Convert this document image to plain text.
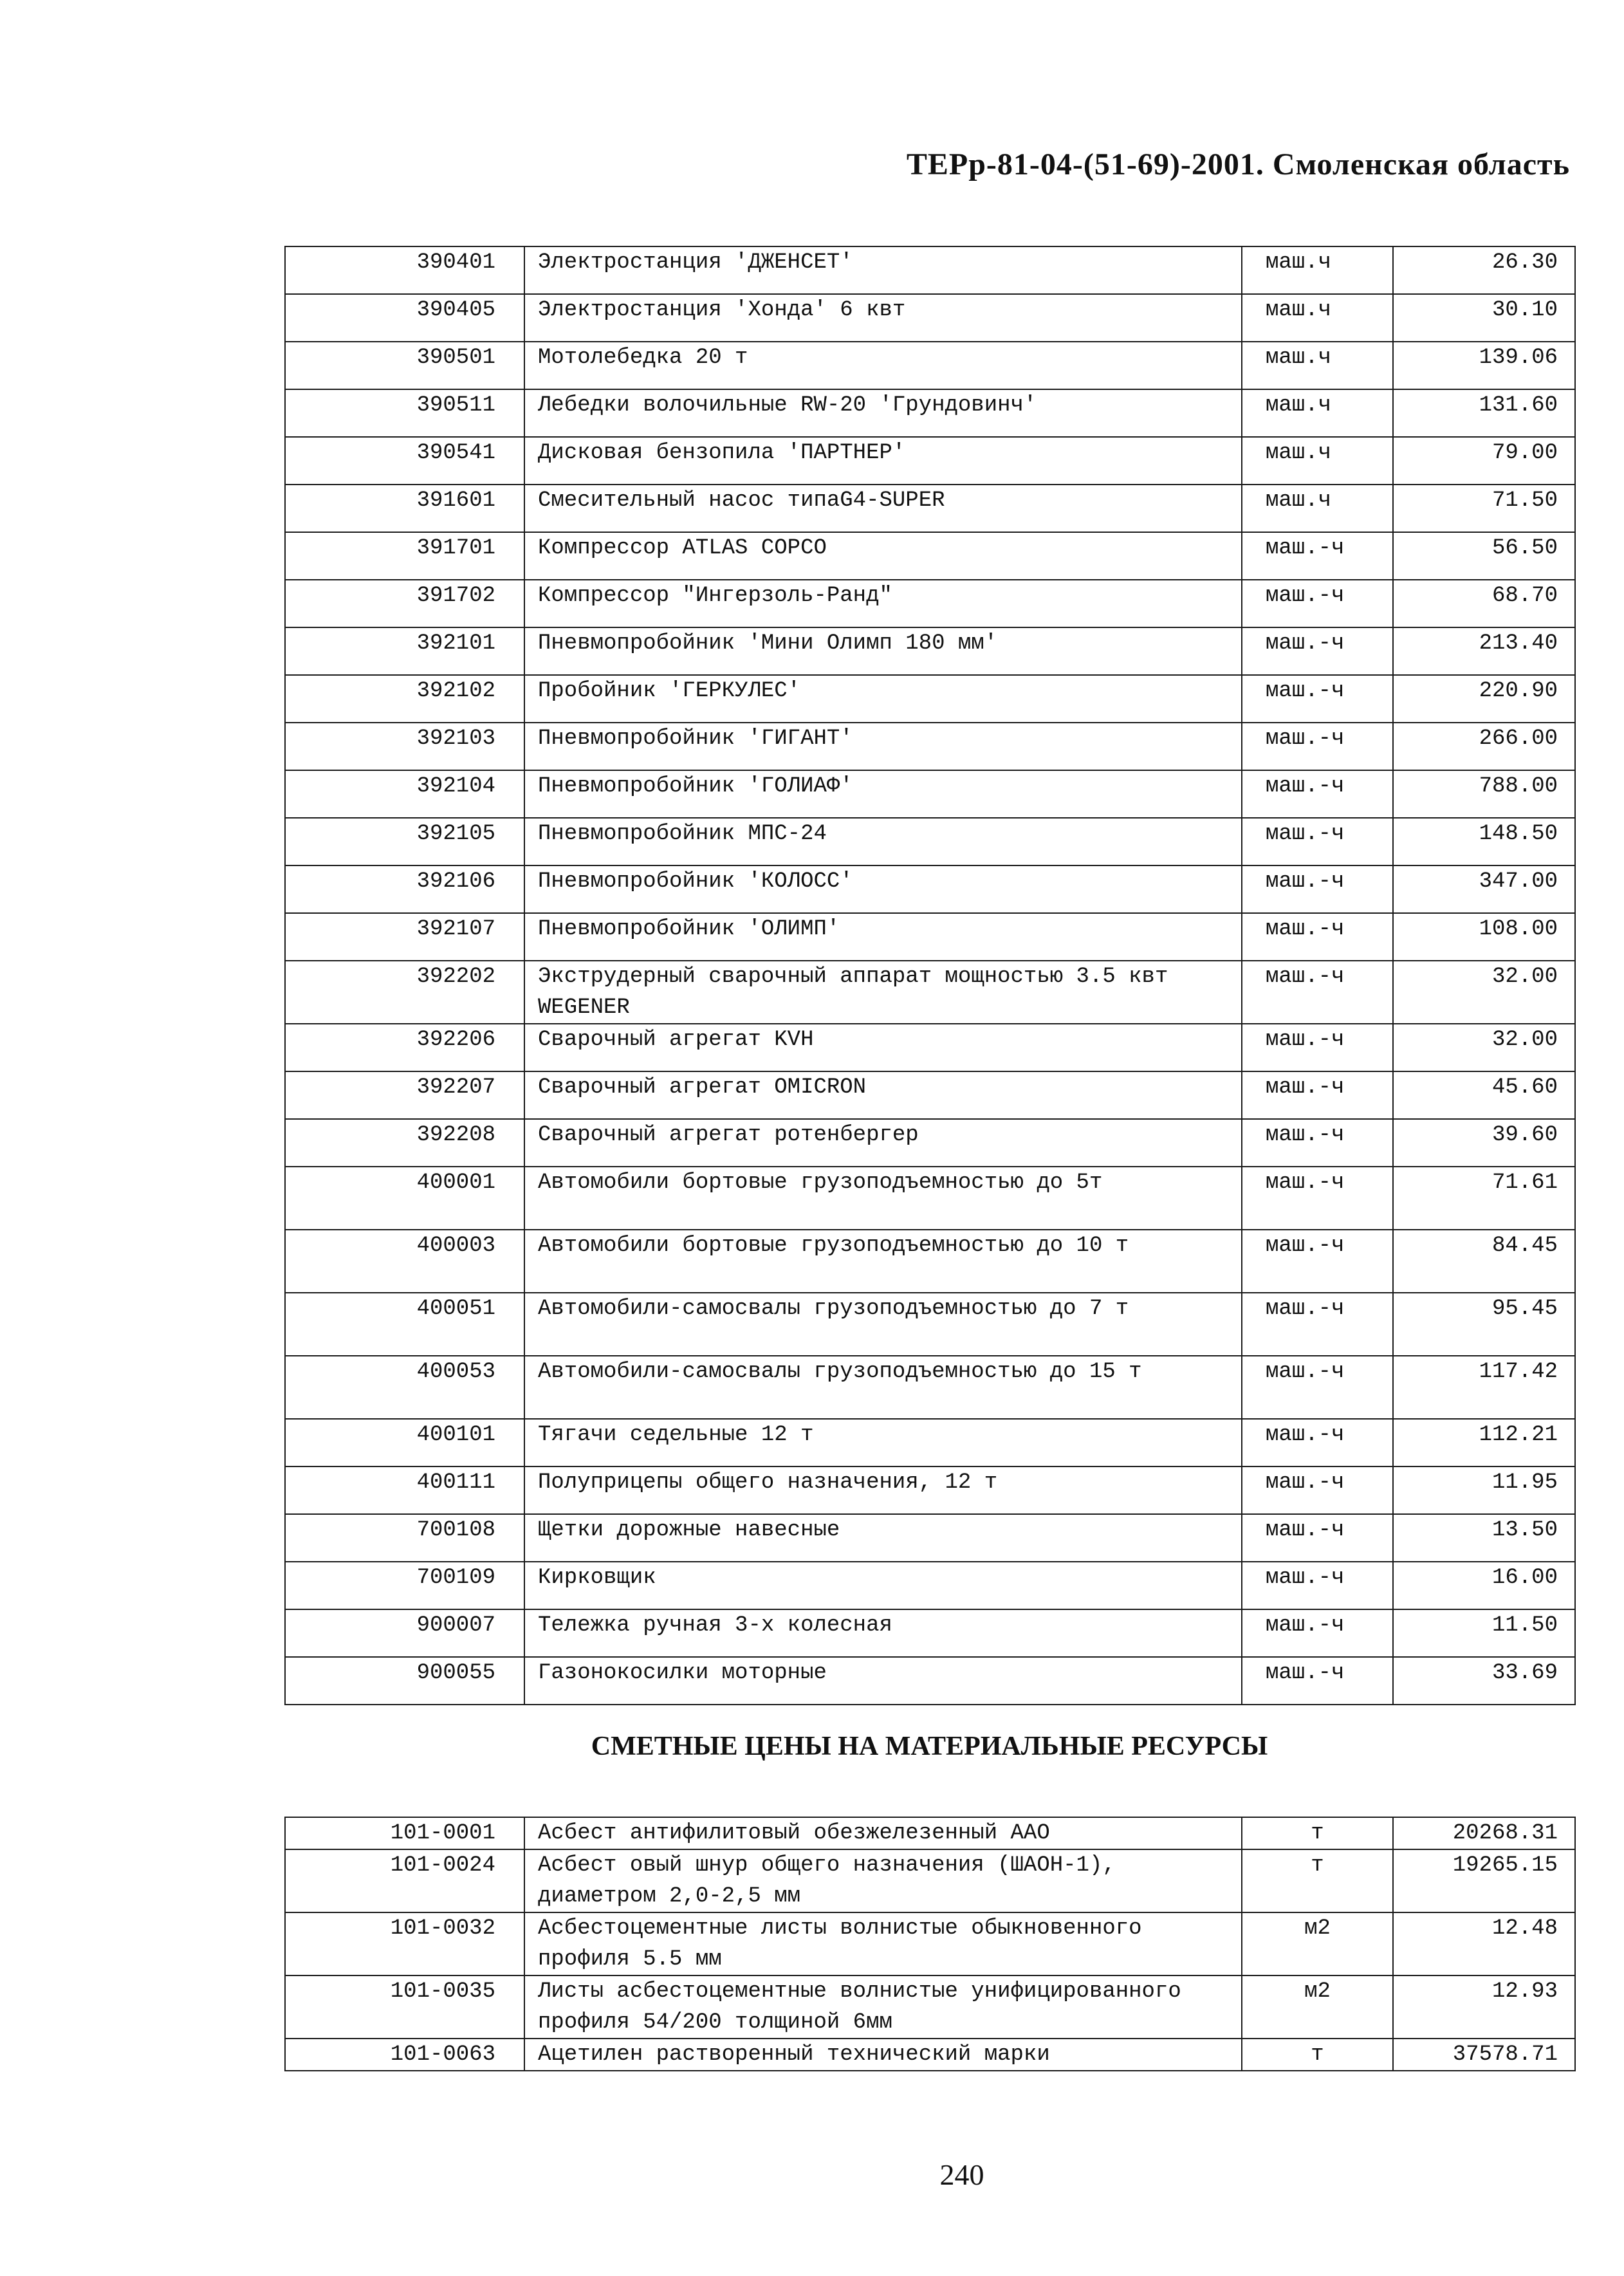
ТЕРр-81-04-(51-69)-2001. Смоленская область
390401	Электростанция 'ДЖЕНСЕТ'	маш.ч	26.30
390405	Электростанция 'Хонда' 6 квт	маш.ч	30.10
390501	Мотолебедка 20 т	маш.ч	139.06
390511	Лебедки волочильные RW-20 'Грундовинч'	маш.ч	131.60
390541	Дисковая бензопила 'ПАРТНЕР'	маш.ч	79.00
391601	Смесительный насос типаG4-SUPER	маш.ч	71.50
391701	Компрессор ATLAS COPCO	маш.-ч	56.50
391702	Компрессор "Ингерзоль-Ранд"	маш.-ч	68.70
392101	Пневмопробойник 'Мини Олимп 180 мм'	маш.-ч	213.40
392102	Пробойник 'ГЕРКУЛЕС'	маш.-ч	220.90
392103	Пневмопробойник 'ГИГАНТ'	маш.-ч	266.00
392104	Пневмопробойник 'ГОЛИАФ'	маш.-ч	788.00
392105	Пневмопробойник МПС-24	маш.-ч	148.50
392106	Пневмопробойник 'КОЛОСС'	маш.-ч	347.00
392107	Пневмопробойник 'ОЛИМП'	маш.-ч	108.00
392202	Экструдерный сварочный аппарат мощностью 3.5 квт WEGENER	маш.-ч	32.00
392206	Сварочный агрегат KVH	маш.-ч	32.00
392207	Сварочный агрегат OMICRON	маш.-ч	45.60
392208	Сварочный агрегат ротенбергер	маш.-ч	39.60
400001	Автомобили бортовые грузоподъемностью до 5т	маш.-ч	71.61
400003	Автомобили бортовые грузоподъемностью до 10 т	маш.-ч	84.45
400051	Автомобили-самосвалы грузоподъемностью до 7 т	маш.-ч	95.45
400053	Автомобили-самосвалы грузоподъемностью до 15 т	маш.-ч	117.42
400101	Тягачи седельные 12 т	маш.-ч	112.21
400111	Полуприцепы общего назначения, 12 т	маш.-ч	11.95
700108	Щетки дорожные навесные	маш.-ч	13.50
700109	Кирковщик	маш.-ч	16.00
900007	Тележка ручная 3-х колесная	маш.-ч	11.50
900055	Газонокосилки моторные	маш.-ч	33.69
СМЕТНЫЕ ЦЕНЫ НА МАТЕРИАЛЬНЫЕ РЕСУРСЫ
101-0001	Асбест антифилитовый обезжелезенный ААО	т	20268.31
101-0024	Асбест овый шнур общего назначения (ШАОН-1), диаметром 2,0-2,5 мм	т	19265.15
101-0032	Асбестоцементные листы волнистые обыкновенного профиля 5.5 мм	м2	12.48
101-0035	Листы асбестоцементные волнистые унифицированного профиля 54/200 толщиной 6мм	м2	12.93
101-0063	Ацетилен растворенный технический марки	т	37578.71
240
